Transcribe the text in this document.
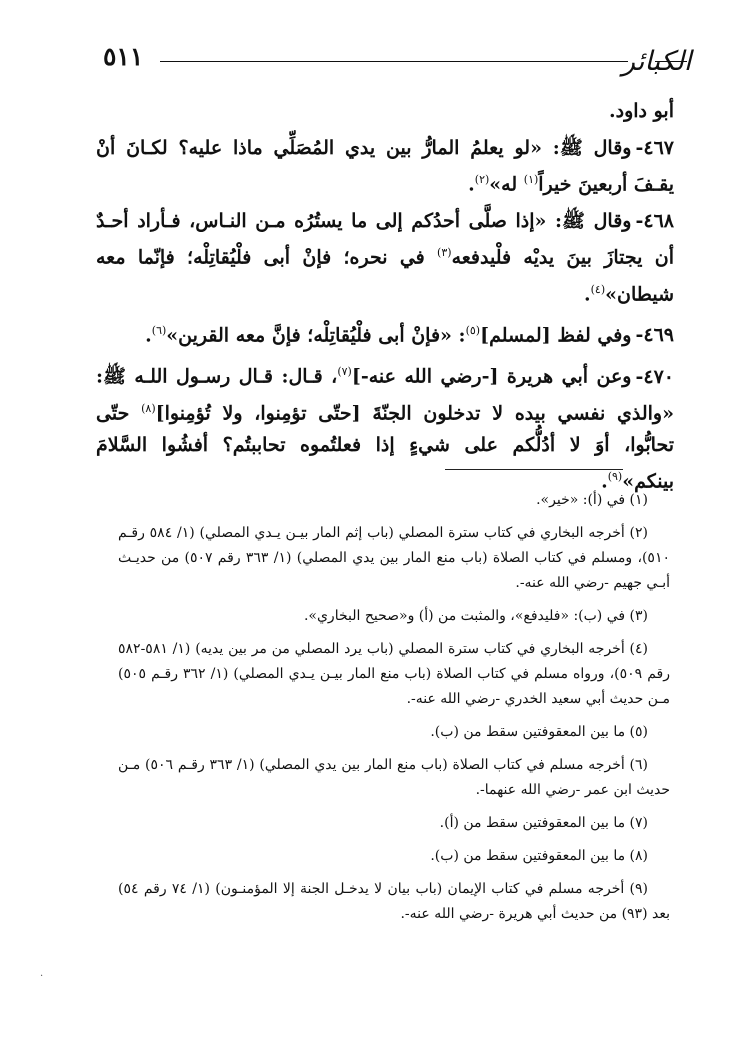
٥١١	الكبائر

أبو داود.

٤٦٧-وقال ﷺ: «لو يعلمُ المارُّ بين يدي المُصَلِّي ماذا عليه؟ لكـانَ أنْ يقـفَ أربعينَ خيراً$^{(١)}$ له»$^{(٢)}$.

٤٦٨-وقال ﷺ: «إذا صلَّى أحدُكم إلى ما يستُرُه مـن النـاس، فـأراد أحـدٌ أن يجتازَ بينَ يديْه فلْيدفعه$^{(٣)}$ في نحره؛ فإنْ أبى فلْيُقاتِلْه؛ فإنّما معه شيطان»$^{(٤)}$.

٤٦٩-وفي لفظ [لمسلم]$^{(٥)}$: «فإنْ أبى فلْيُقاتِلْه؛ فإنَّ معه القرين»$^{(٦)}$.

٤٧٠-وعن أبي هريرة [-رضي الله عنه-]$^{(٧)}$، قـال: قـال رسـول اللـه ﷺ: «والذي نفسي بيده لا تدخلون الجنّةَ [حتّى تؤمِنوا، ولا تُؤمِنوا]$^{(٨)}$ حتّى تحابُّوا، أوَ لا أدُلُّكم على شيءٍ إذا فعلتُموه تحاببتُم؟ أفشُوا السَّلامَ بينكم»$^{(٩)}$.

(١) في (أ): «خير».

(٢) أخرجه البخاري في كتاب سترة المصلي (باب إثم المار بيـن يـدي المصلي) (١/ ٥٨٤ رقـم ٥١٠)، ومسلم في كتاب الصلاة (باب منع المار بين يدي المصلي) (١/ ٣٦٣ رقم ٥٠٧) من حديـث أبـي جهيم -رضي الله عنه-.

(٣) في (ب): «فليدفع»، والمثبت من (أ) و«صحيح البخاري».

(٤) أخرجه البخاري في كتاب سترة المصلي (باب يرد المصلي من مر بين يديه) (١/ ٥٨١-٥٨٢ رقم ٥٠٩)، ورواه مسلم في كتاب الصلاة (باب منع المار بيـن يـدي المصلي) (١/ ٣٦٢ رقـم ٥٠٥) مـن حديث أبي سعيد الخدري -رضي الله عنه-.

(٥) ما بين المعقوفتين سقط من (ب).

(٦) أخرجه مسلم في كتاب الصلاة (باب منع المار بين يدي المصلي) (١/ ٣٦٣ رقـم ٥٠٦) مـن حديث ابن عمر -رضي الله عنهما-.

(٧) ما بين المعقوفتين سقط من (أ).

(٨) ما بين المعقوفتين سقط من (ب).

(٩) أخرجه مسلم في كتاب الإيمان (باب بيان لا يدخـل الجنة إلا المؤمنـون) (١/ ٧٤ رقم ٥٤) بعد (٩٣) من حديث أبي هريرة -رضي الله عنه-.

.
